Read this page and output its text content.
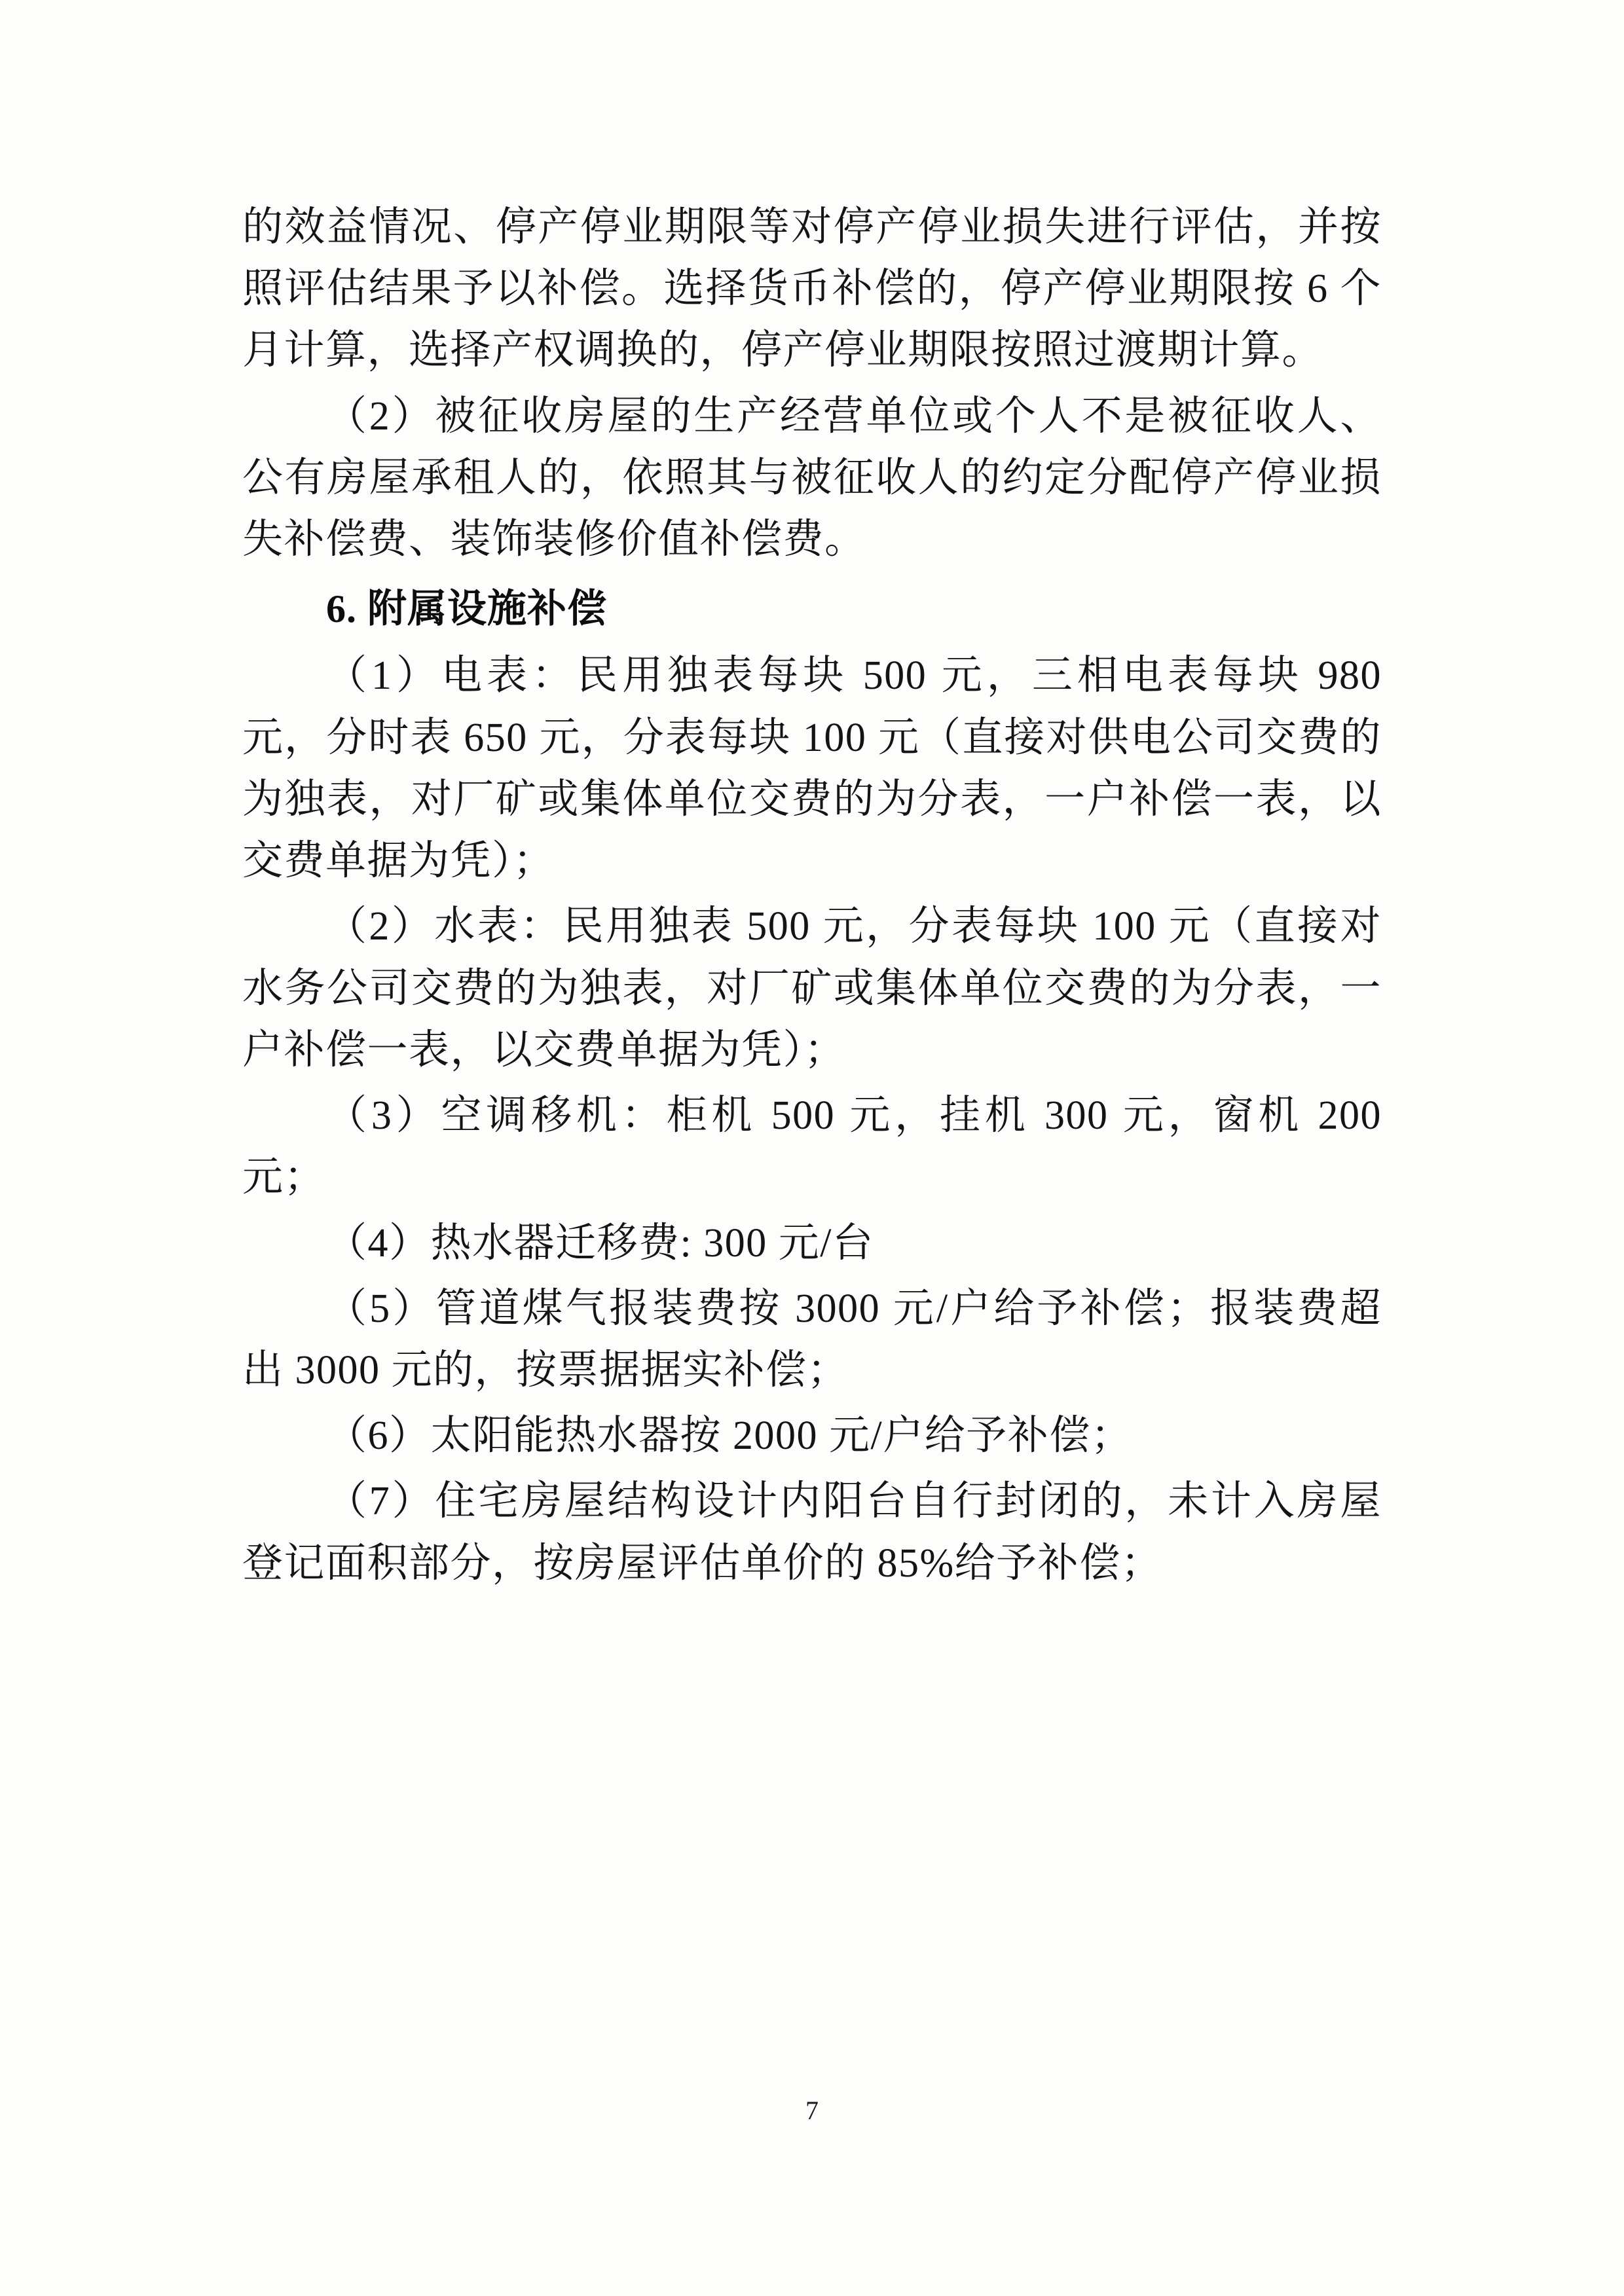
的效益情况、停产停业期限等对停产停业损失进行评估，并按照评估结果予以补偿。选择货币补偿的，停产停业期限按 6 个月计算，选择产权调换的，停产停业期限按照过渡期计算。

（2）被征收房屋的生产经营单位或个人不是被征收人、公有房屋承租人的，依照其与被征收人的约定分配停产停业损失补偿费、装饰装修价值补偿费。

6. 附属设施补偿

（1）电表：民用独表每块 500 元，三相电表每块 980 元，分时表 650 元，分表每块 100 元（直接对供电公司交费的为独表，对厂矿或集体单位交费的为分表，一户补偿一表，以交费单据为凭）；

（2）水表：民用独表 500 元，分表每块 100 元（直接对水务公司交费的为独表，对厂矿或集体单位交费的为分表，一户补偿一表，以交费单据为凭）；

（3）空调移机：柜机 500 元，挂机 300 元，窗机 200 元；

（4）热水器迁移费: 300 元/台

（5）管道煤气报装费按 3000 元/户给予补偿；报装费超出 3000 元的，按票据据实补偿；

（6）太阳能热水器按 2000 元/户给予补偿；

（7）住宅房屋结构设计内阳台自行封闭的，未计入房屋登记面积部分，按房屋评估单价的 85%给予补偿；

7
